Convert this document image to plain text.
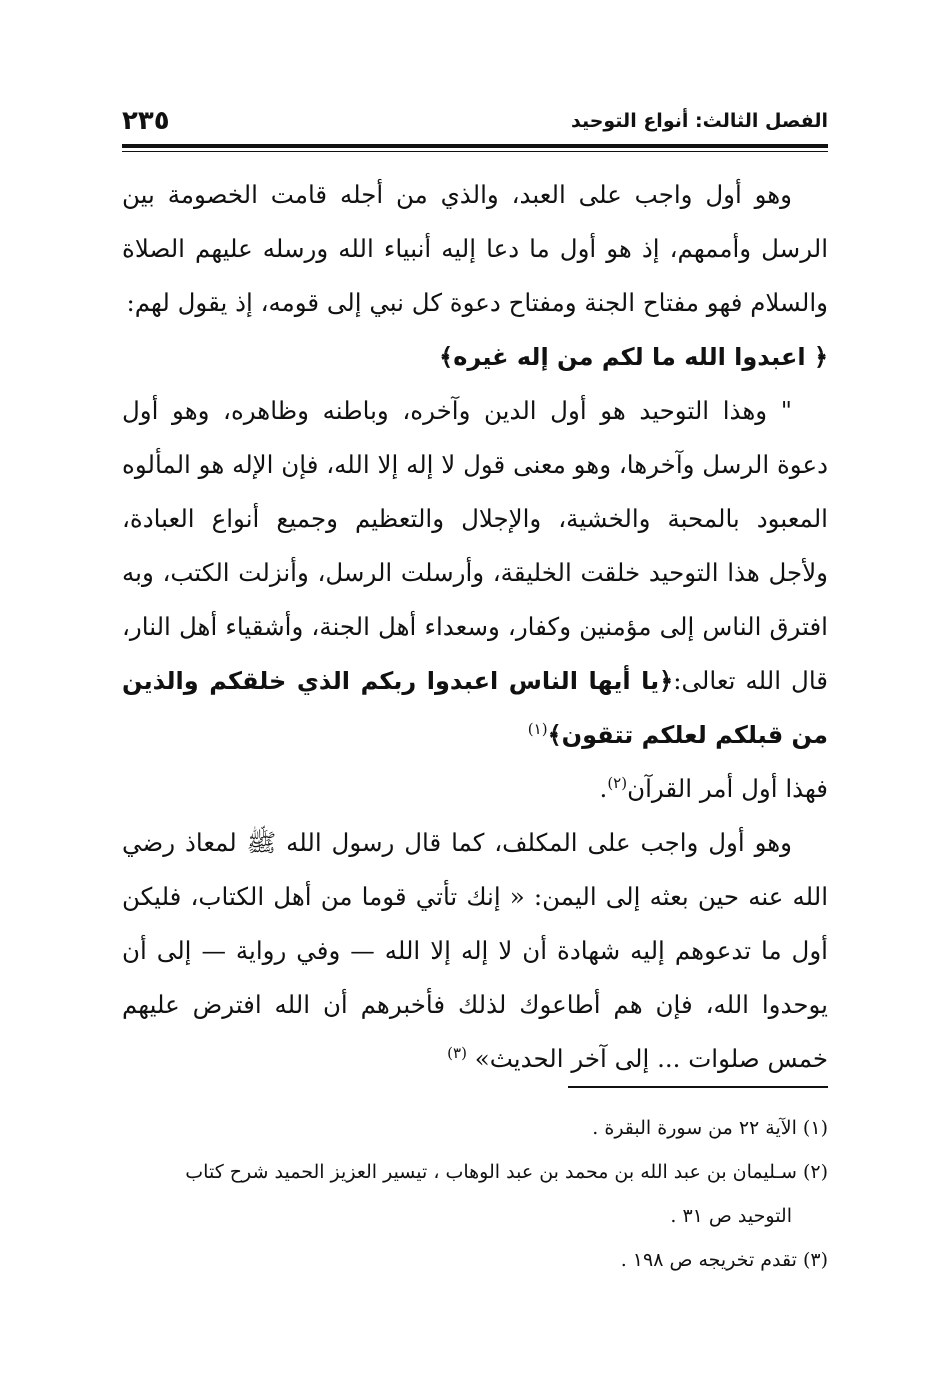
٢٣٥	الفصل الثالث: أنواع التوحيد

وهو أول واجب على العبد، والذي من أجله قامت الخصومة بين الرسل وأممهم، إذ هو أول ما دعا إليه أنبياء الله ورسله عليهم الصلاة والسلام فهو مفتاح الجنة ومفتاح دعوة كل نبي إلى قومه، إذ يقول لهم:
﴿ اعبدوا الله ما لكم من إله غيره﴾

" وهذا التوحيد هو أول الدين وآخره، وباطنه وظاهره، وهو أول دعوة الرسل وآخرها، وهو معنى قول لا إله إلا الله، فإن الإله هو المألوه المعبود بالمحبة والخشية، والإجلال والتعظيم وجميع أنواع العبادة، ولأجل هذا التوحيد خلقت الخليقة، وأرسلت الرسل، وأنزلت الكتب، وبه افترق الناس إلى مؤمنين وكفار، وسعداء أهل الجنة، وأشقياء أهل النار، قال الله تعالى:﴿يا أيها الناس اعبدوا ربكم الذي خلقكم والذين من قبلكم لعلكم تتقون﴾$^{(١)}$
فهذا أول أمر القرآن$^{(٢)}$.

وهو أول واجب على المكلف، كما قال رسول الله ﷺ لمعاذ رضي الله عنه حين بعثه إلى اليمن: « إنك تأتي قوما من أهل الكتاب، فليكن أول ما تدعوهم إليه شهادة أن لا إله إلا الله — وفي رواية — إلى أن يوحدوا الله، فإن هم أطاعوك لذلك فأخبرهم أن الله افترض عليهم خمس صلوات ... إلى آخر الحديث» $^{(٣)}$

(١) الآية ٢٢ من سورة البقرة .

(٢) سـليمان بن عبد الله بن محمد بن عبد الوهاب ، تيسير العزيز الحميد شرح كتاب

التوحيد ص ٣١ .

(٣) تقدم تخريجه ص ١٩٨ .
